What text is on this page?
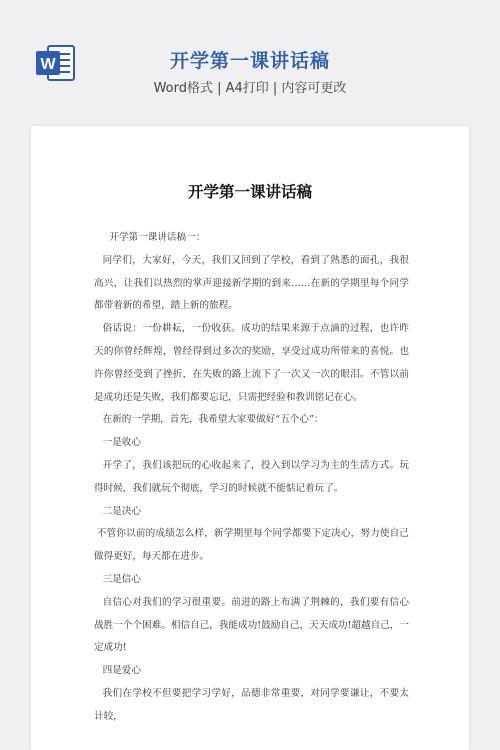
W	开学第一课讲话稿
Word格式 | A4打印 | 内容可更改
开学第一课讲话稿

开学第一课讲话稿一：

同学们，大家好，今天，我们又回到了学校，看到了熟悉的面孔，我很高兴，让我们以热烈的掌声迎接新学期的到来……在新的学期里每个同学都带着新的希望，踏上新的旅程。

俗话说：一份耕耘，一份收获。成功的结果来源于点滴的过程，也许昨天的你曾经辉煌，曾经得到过多次的奖励，享受过成功所带来的喜悦。也许你曾经受到了挫折，在失败的路上流下了一次又一次的眼泪。不管以前是成功还是失败，我们都要忘记，只需把经验和教训铭记在心。

在新的一学期，首先，我希望大家要做好“五个心”：

一是收心

开学了，我们该把玩的心收起来了，投入到以学习为主的生活方式。玩得时候，我们就玩个彻底，学习的时候就不能惦记着玩了。

二是决心

不管你以前的成绩怎么样，新学期里每个同学都要下定决心，努力使自己做得更好，每天都在进步。

三是信心

自信心对我们的学习很重要。前进的路上布满了荆棘的，我们要有信心战胜一个个困难。相信自己，我能成功!鼓励自己，天天成功!超越自己，一定成功!

四是爱心

我们在学校不但要把学习学好，品德非常重要，对同学要谦让，不要太计较，
